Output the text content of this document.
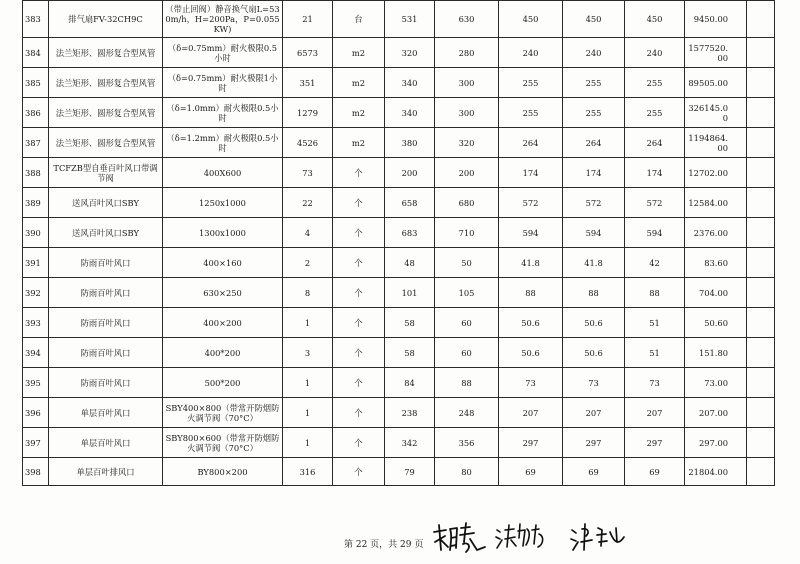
383	排气扇FV-32CH9C	（带止回阀）静音换气扇L=530m/h，H=200Pa，P=0.055KW)	21	台	531	630	450	450	450	9450.00	
384	法兰矩形、圆形复合型风管	（δ=0.75mm）耐火极限0.5小时	6573	m2	320	280	240	240	240	1577520.00	
385	法兰矩形、圆形复合型风管	（δ=0.75mm）耐火极限1小时	351	m2	340	300	255	255	255	89505.00	
386	法兰矩形、圆形复合型风管	（δ=1.0mm）耐火极限0.5小时	1279	m2	340	300	255	255	255	326145.00	
387	法兰矩形、圆形复合型风管	（δ=1.2mm）耐火极限0.5小时	4526	m2	380	320	264	264	264	1194864.00	
388	TCFZB型自垂百叶风口带调节阀	400X600	73	个	200	200	174	174	174	12702.00	
389	送风百叶风口SBY	1250x1000	22	个	658	680	572	572	572	12584.00	
390	送风百叶风口SBY	1300x1000	4	个	683	710	594	594	594	2376.00	
391	防雨百叶风口	400×160	2	个	48	50	41.8	41.8	42	83.60	
392	防雨百叶风口	630×250	8	个	101	105	88	88	88	704.00	
393	防雨百叶风口	400×200	1	个	58	60	50.6	50.6	51	50.60	
394	防雨百叶风口	400*200	3	个	58	60	50.6	50.6	51	151.80	
395	防雨百叶风口	500*200	1	个	84	88	73	73	73	73.00	
396	单层百叶风口	SBY400×800（带常开防烟防火调节阀（70°C）	1	个	238	248	207	207	207	207.00	
397	单层百叶风口	SBY800×600（带常开防烟防火调节阀（70°C）	1	个	342	356	297	297	297	297.00	
398	单层百叶排风口	BY800×200	316	个	79	80	69	69	69	21804.00	
第 22 页，共 29 页
